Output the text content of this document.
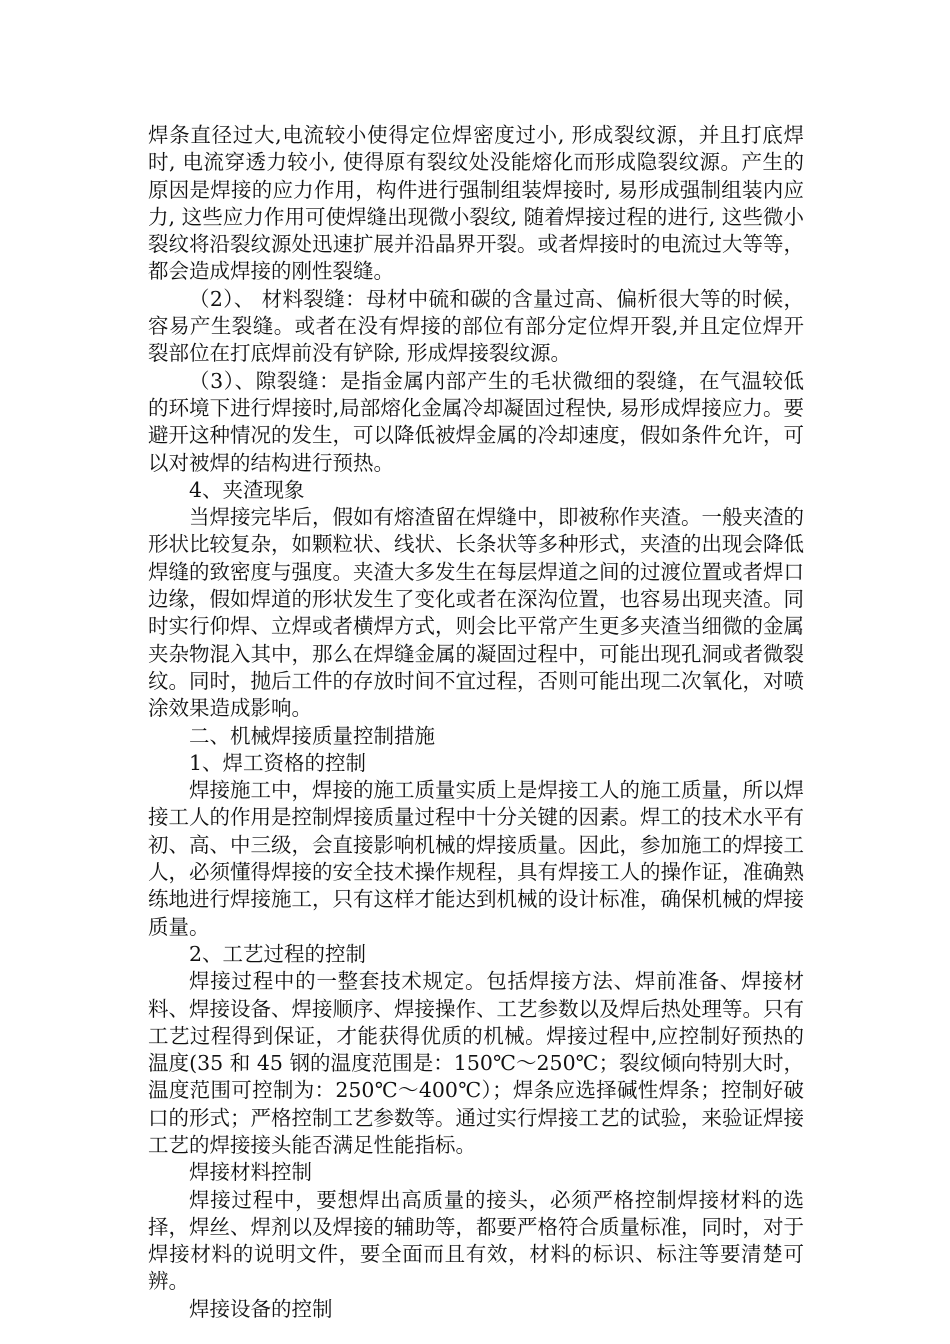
焊条直径过大,电流较小使得定位焊密度过小, 形成裂纹源，并且打底焊时, 电流穿透力较小, 使得原有裂纹处没能熔化而形成隐裂纹源。产生的原因是焊接的应力作用，构件进行强制组装焊接时, 易形成强制组装内应力, 这些应力作用可使焊缝出现微小裂纹, 随着焊接过程的进行, 这些微小裂纹将沿裂纹源处迅速扩展并沿晶界开裂。或者焊接时的电流过大等等，都会造成焊接的刚性裂缝。

（2）、 材料裂缝：母材中硫和碳的含量过高、偏析很大等的时候，容易产生裂缝。或者在没有焊接的部位有部分定位焊开裂,并且定位焊开裂部位在打底焊前没有铲除, 形成焊接裂纹源。

（3）、隙裂缝：是指金属内部产生的毛状微细的裂缝，在气温较低的环境下进行焊接时,局部熔化金属冷却凝固过程快, 易形成焊接应力。要避开这种情况的发生，可以降低被焊金属的冷却速度，假如条件允许，可以对被焊的结构进行预热。

4、夹渣现象

当焊接完毕后，假如有熔渣留在焊缝中，即被称作夹渣。一般夹渣的形状比较复杂，如颗粒状、线状、长条状等多种形式，夹渣的出现会降低焊缝的致密度与强度。夹渣大多发生在每层焊道之间的过渡位置或者焊口边缘，假如焊道的形状发生了变化或者在深沟位置，也容易出现夹渣。同时实行仰焊、立焊或者横焊方式，则会比平常产生更多夹渣当细微的金属夹杂物混入其中，那么在焊缝金属的凝固过程中，可能出现孔洞或者微裂纹。同时，抛后工件的存放时间不宜过程，否则可能出现二次氧化，对喷涂效果造成影响。

二、机械焊接质量控制措施

1、焊工资格的控制

焊接施工中，焊接的施工质量实质上是焊接工人的施工质量，所以焊接工人的作用是控制焊接质量过程中十分关键的因素。焊工的技术水平有初、高、中三级，会直接影响机械的焊接质量。因此，参加施工的焊接工人，必须懂得焊接的安全技术操作规程，具有焊接工人的操作证，准确熟练地进行焊接施工，只有这样才能达到机械的设计标准，确保机械的焊接质量。

2、工艺过程的控制

焊接过程中的一整套技术规定。包括焊接方法、焊前准备、焊接材料、焊接设备、焊接顺序、焊接操作、工艺参数以及焊后热处理等。只有工艺过程得到保证，才能获得优质的机械。焊接过程中,应控制好预热的温度(35 和 45 钢的温度范围是：150℃～250℃；裂纹倾向特别大时，温度范围可控制为：250℃～400℃）；焊条应选择碱性焊条；控制好破口的形式；严格控制工艺参数等。通过实行焊接工艺的试验，来验证焊接工艺的焊接接头能否满足性能指标。

焊接材料控制

焊接过程中，要想焊出高质量的接头，必须严格控制焊接材料的选择，焊丝、焊剂以及焊接的辅助等，都要严格符合质量标准，同时，对于焊接材料的说明文件，要全面而且有效，材料的标识、标注等要清楚可辨。

焊接设备的控制
